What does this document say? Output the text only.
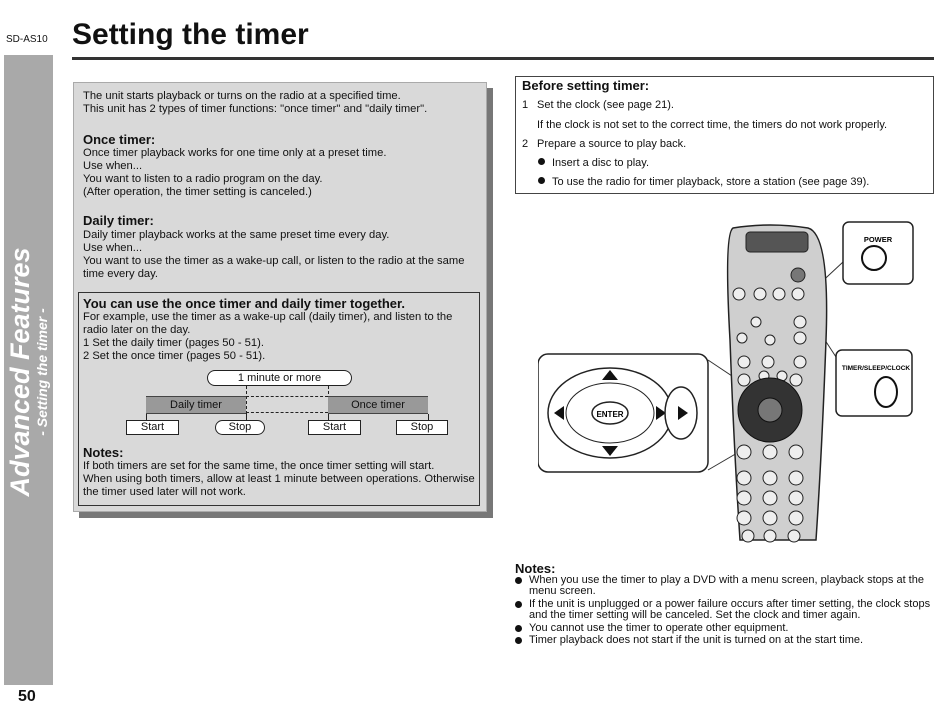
SD-AS10 Setting the timer
Advanced Features - Setting the timer -
50
The unit starts playback or turns on the radio at a specified time.
This unit has 2 types of timer functions: "once timer" and "daily timer".
Once timer:
Once timer playback works for one time only at a preset time.
Use when...
You want to listen to a radio program on the day.
(After operation, the timer setting is canceled.)
Daily timer:
Daily timer playback works at the same preset time every day.
Use when...
You want to use the timer as a wake-up call, or listen to the radio at the same
time every day.
You can use the once timer and daily timer together.
For example, use the timer as a wake-up call (daily timer), and listen to the
radio later on the day.
1 Set the daily timer (pages 50 - 51).
2 Set the once timer (pages 50 - 51).
1 minute or more
Daily timer	Once timer
Start	Stop	Start	Stop
Notes:
If both timers are set for the same time, the once timer setting will start.
When using both timers, allow at least 1 minute between operations. Otherwise
the timer used later will not work.
Before setting timer:
1 Set the clock (see page 21).
If the clock is not set to the correct time, the timers do not work properly.
2 Prepare a source to play back.
Insert a disc to play.
To use the radio for timer playback, store a station (see page 39).
ENTER
POWER
TIMER/SLEEP/CLOCK
Notes:
When you use the timer to play a DVD with a menu screen, playback stops at the
menu screen.
If the unit is unplugged or a power failure occurs after timer setting, the clock stops
and the timer setting will be canceled. Set the clock and timer again.
You cannot use the timer to operate other equipment.
Timer playback does not start if the unit is turned on at the start time.
